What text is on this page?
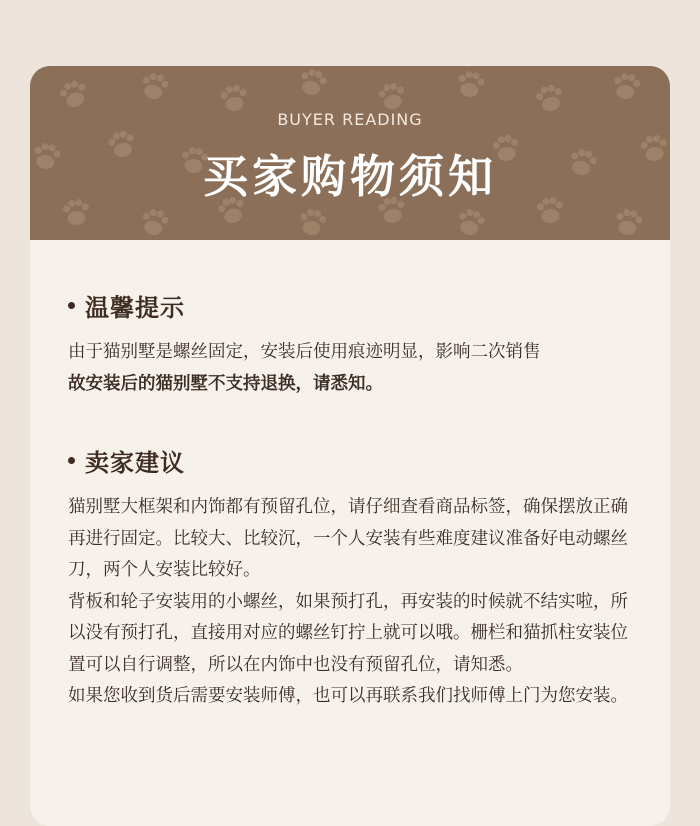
BUYER READING
买家购物须知
温馨提示

由于猫别墅是螺丝固定，安装后使用痕迹明显，影响二次销售

故安装后的猫别墅不支持退换，请悉知。

卖家建议

猫别墅大框架和内饰都有预留孔位，请仔细查看商品标签，确保摆放正确再进行固定。比较大、比较沉，一个人安装有些难度建议准备好电动螺丝刀，两个人安装比较好。

背板和轮子安装用的小螺丝，如果预打孔，再安装的时候就不结实啦，所以没有预打孔，直接用对应的螺丝钉拧上就可以哦。栅栏和猫抓柱安装位置可以自行调整，所以在内饰中也没有预留孔位，请知悉。

如果您收到货后需要安装师傅，也可以再联系我们找师傅上门为您安装。
